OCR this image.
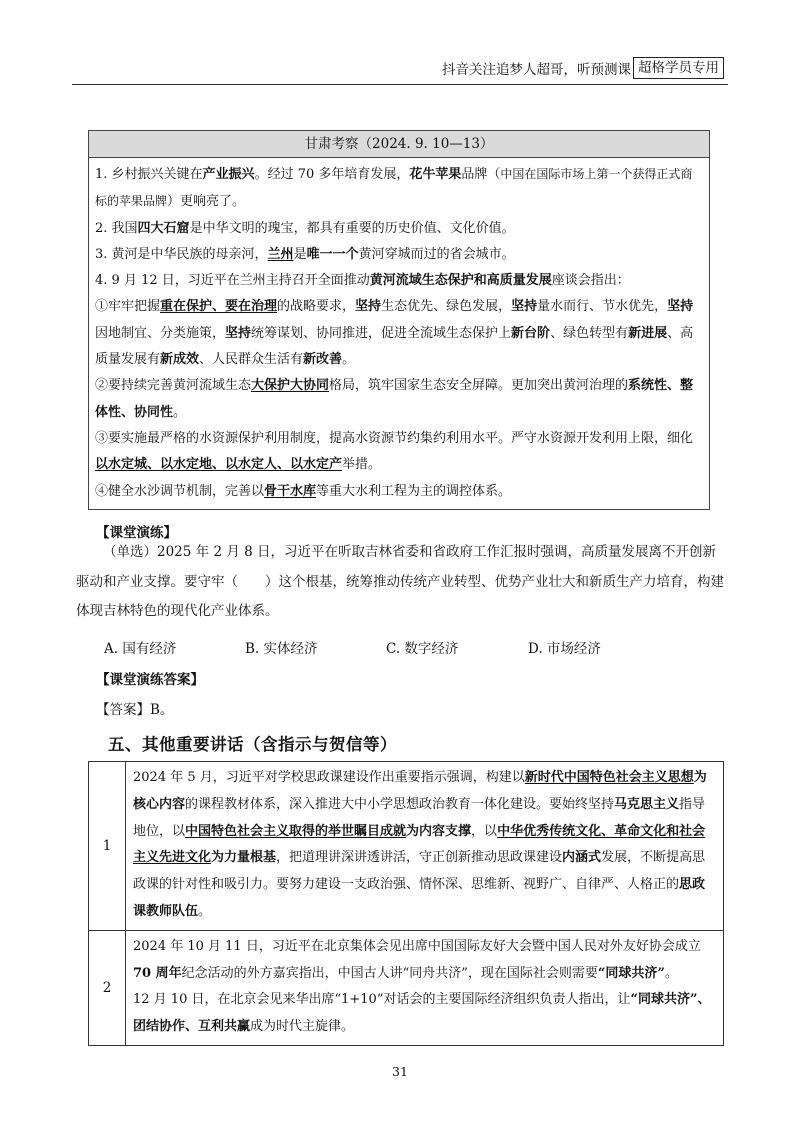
抖音关注追梦人超哥，听预测课 超格学员专用
甘肃考察（2024. 9. 10—13）

1. 乡村振兴关键在产业振兴。经过 70 多年培育发展，花牛苹果品牌（中国在国际市场上第一个获得正式商标的苹果品牌）更响亮了。

2. 我国四大石窟是中华文明的瑰宝，都具有重要的历史价值、文化价值。

3. 黄河是中华民族的母亲河，兰州是唯一一个黄河穿城而过的省会城市。

4. 9 月 12 日，习近平在兰州主持召开全面推动黄河流域生态保护和高质量发展座谈会指出：

①牢牢把握重在保护、要在治理的战略要求，坚持生态优先、绿色发展，坚持量水而行、节水优先，坚持因地制宜、分类施策，坚持统筹谋划、协同推进，促进全流域生态保护上新台阶、绿色转型有新进展、高质量发展有新成效、人民群众生活有新改善。

②要持续完善黄河流域生态大保护大协同格局，筑牢国家生态安全屏障。更加突出黄河治理的系统性、整体性、协同性。

③要实施最严格的水资源保护利用制度，提高水资源节约集约利用水平。严守水资源开发利用上限，细化以水定城、以水定地、以水定人、以水定产举措。

④健全水沙调节机制，完善以骨干水库等重大水利工程为主的调控体系。

【课堂演练】

（单选）2025 年 2 月 8 日，习近平在听取吉林省委和省政府工作汇报时强调，高质量发展离不开创新驱动和产业支撑。要守牢（　　）这个根基，统筹推动传统产业转型、优势产业壮大和新质生产力培育，构建体现吉林特色的现代化产业体系。

A. 国有经济	B. 实体经济	C. 数字经济	D. 市场经济
【课堂演练答案】
【答案】B。
五、其他重要讲话（含指示与贺信等）
1	2024 年 5 月，习近平对学校思政课建设作出重要指示强调，构建以新时代中国特色社会主义思想为核心内容的课程教材体系，深入推进大中小学思想政治教育一体化建设。要始终坚持马克思主义指导地位，以中国特色社会主义取得的举世瞩目成就为内容支撑，以中华优秀传统文化、革命文化和社会主义先进文化为力量根基，把道理讲深讲透讲活，守正创新推动思政课建设内涵式发展，不断提高思政课的针对性和吸引力。要努力建设一支政治强、情怀深、思维新、视野广、自律严、人格正的思政课教师队伍。

2	2024 年 10 月 11 日，习近平在北京集体会见出席中国国际友好大会暨中国人民对外友好协会成立70 周年纪念活动的外方嘉宾指出，中国古人讲“同舟共济”，现在国际社会则需要“同球共济”。

12 月 10 日，在北京会见来华出席“1+10”对话会的主要国际经济组织负责人指出，让“同球共济”、团结协作、互利共赢成为时代主旋律。

31
